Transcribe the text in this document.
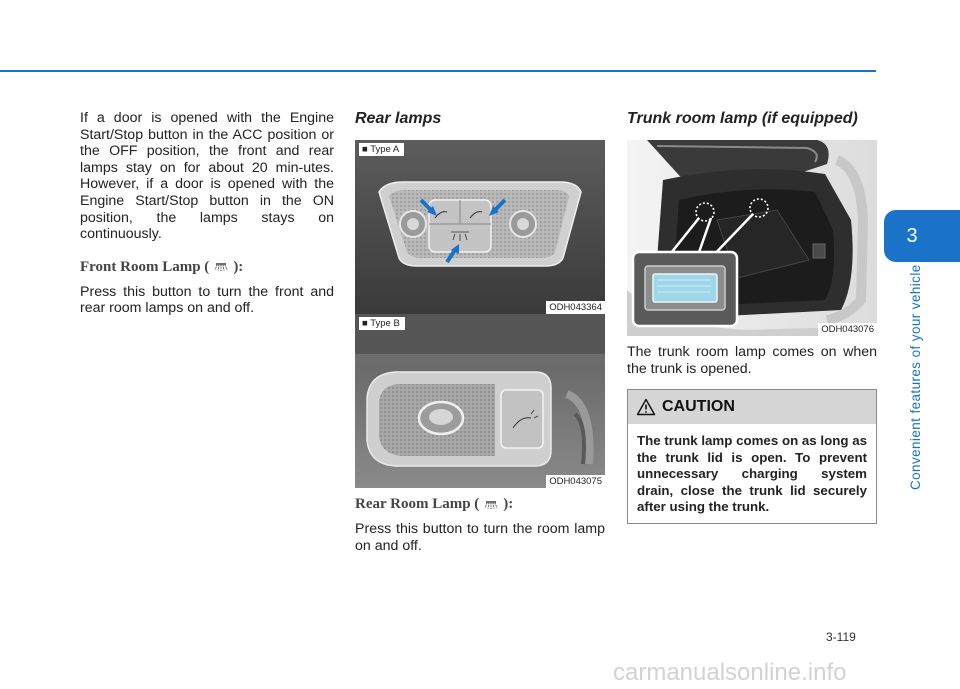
If a door is opened with the Engine Start/Stop button in the ACC position or the OFF position, the front and rear lamps stay on for about 20 min-utes. However, if a door is opened with the Engine Start/Stop button in the ON position, the lamps stays on continuously.

Front Room Lamp ( ):

Press this button to turn the front and rear room lamps on and off.

Rear lamps
■ Type A
ODH043364
■ Type B
ODH043075
Rear Room Lamp ( ):

Press this button to turn the room lamp on and off.

Trunk room lamp (if equipped)
ODH043076

The trunk room lamp comes on when the trunk is opened.

CAUTION

The trunk lamp comes on as long as the trunk lid is open. To prevent unnecessary charging system drain, close the trunk lid securely after using the trunk.

3
Convenient features of your vehicle
3-119
carmanualsonline.info
